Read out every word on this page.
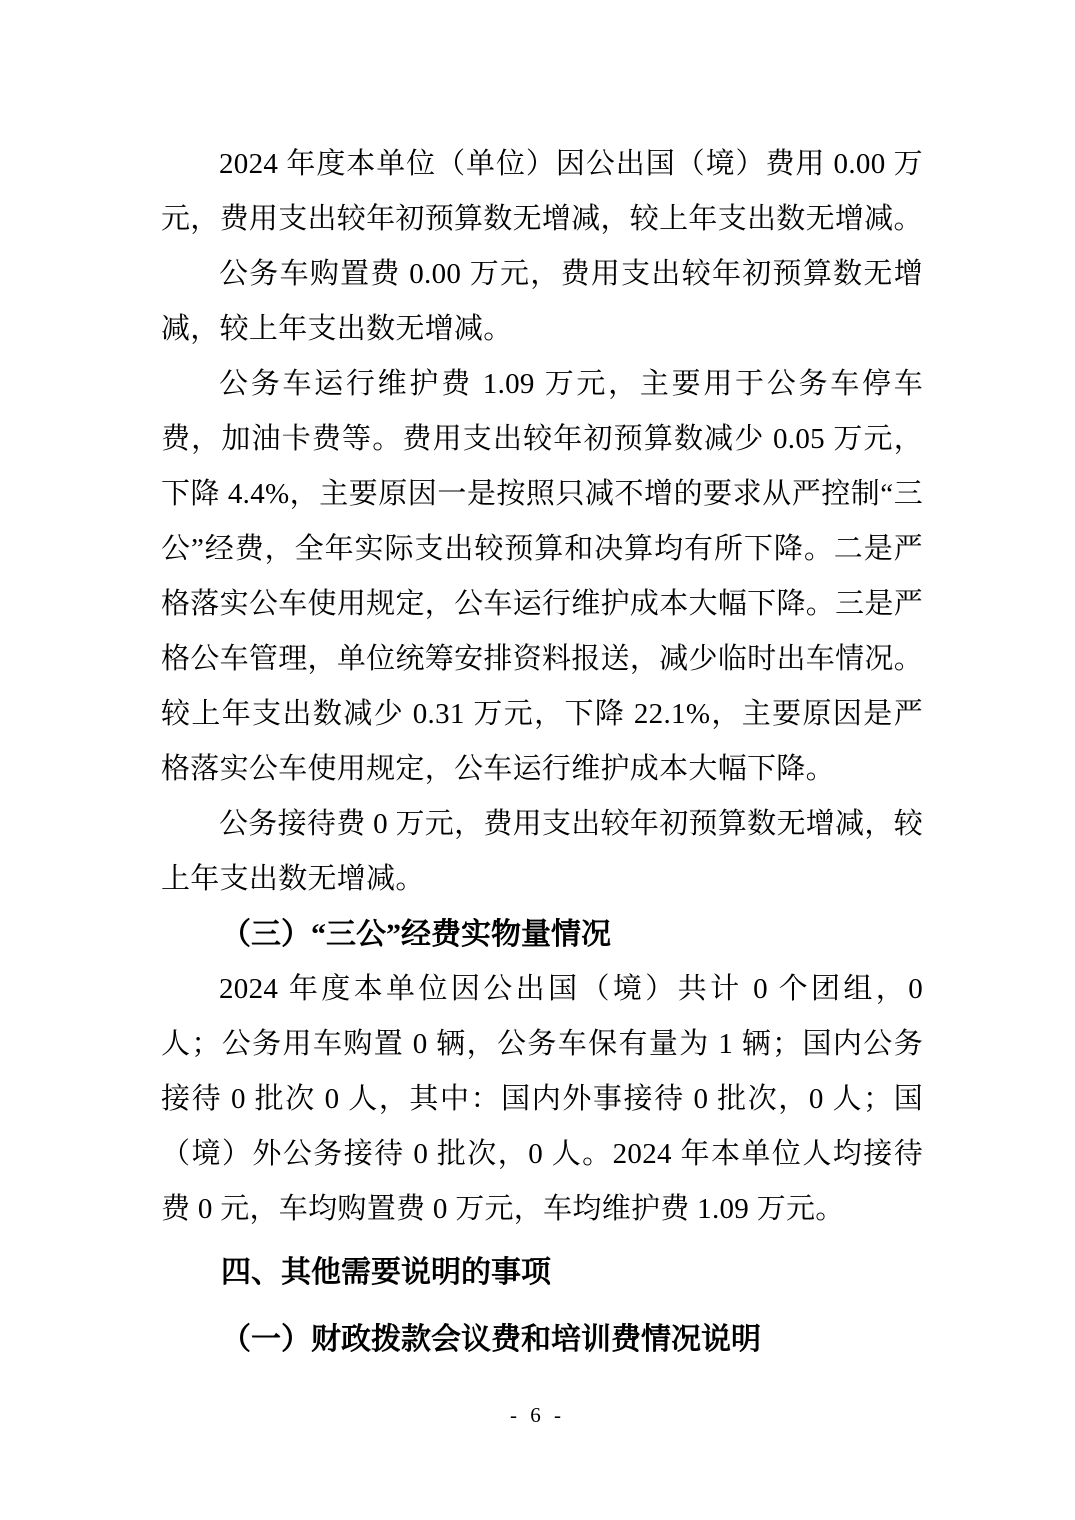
2024 年度本单位（单位）因公出国（境）费用 0.00 万元，费用支出较年初预算数无增减，较上年支出数无增减。

公务车购置费 0.00 万元，费用支出较年初预算数无增减，较上年支出数无增减。

公务车运行维护费 1.09 万元，主要用于公务车停车费，加油卡费等。费用支出较年初预算数减少 0.05 万元，下降 4.4%，主要原因一是按照只减不增的要求从严控制“三公”经费，全年实际支出较预算和决算均有所下降。二是严格落实公车使用规定，公车运行维护成本大幅下降。三是严格公车管理，单位统筹安排资料报送，减少临时出车情况。较上年支出数减少 0.31 万元，下降 22.1%，主要原因是严格落实公车使用规定，公车运行维护成本大幅下降。

公务接待费 0 万元，费用支出较年初预算数无增减，较上年支出数无增减。

（三）“三公”经费实物量情况

2024 年度本单位因公出国（境）共计 0 个团组，0 人；公务用车购置 0 辆，公务车保有量为 1 辆；国内公务接待 0 批次 0 人，其中：国内外事接待 0 批次，0 人；国（境）外公务接待 0 批次，0 人。2024 年本单位人均接待费 0 元，车均购置费 0 万元，车均维护费 1.09 万元。

四、其他需要说明的事项
（一）财政拨款会议费和培训费情况说明
- 6 -
